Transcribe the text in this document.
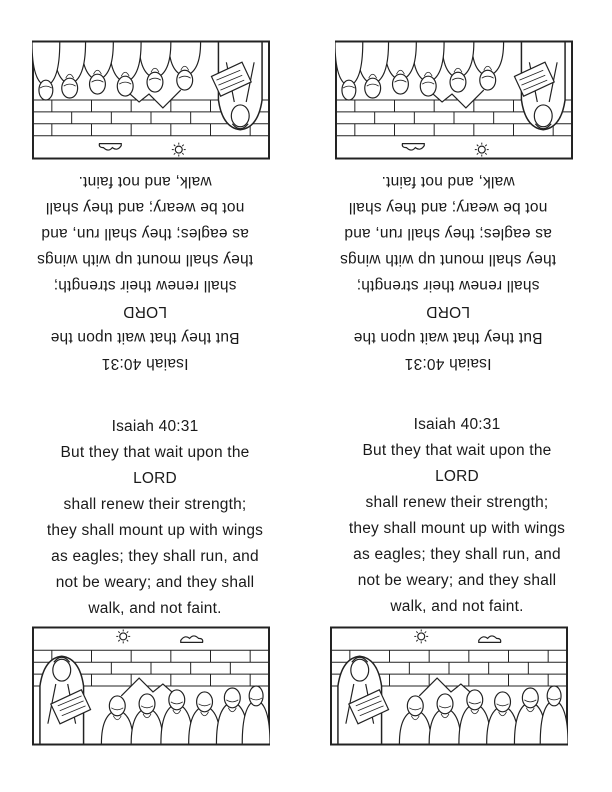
Isaiah 40:31
But they that wait upon the
LORD
shall renew their strength;
they shall mount up with wings
as eagles; they shall run, and
not be weary; and they shall
walk, and not faint.
Isaiah 40:31
But they that wait upon the
LORD
shall renew their strength;
they shall mount up with wings
as eagles; they shall run, and
not be weary; and they shall
walk, and not faint.
Isaiah 40:31
But they that wait upon the
LORD
shall renew their strength;
they shall mount up with wings
as eagles; they shall run, and
not be weary; and they shall
walk, and not faint.
Isaiah 40:31
But they that wait upon the
LORD
shall renew their strength;
they shall mount up with wings
as eagles; they shall run, and
not be weary; and they shall
walk, and not faint.
